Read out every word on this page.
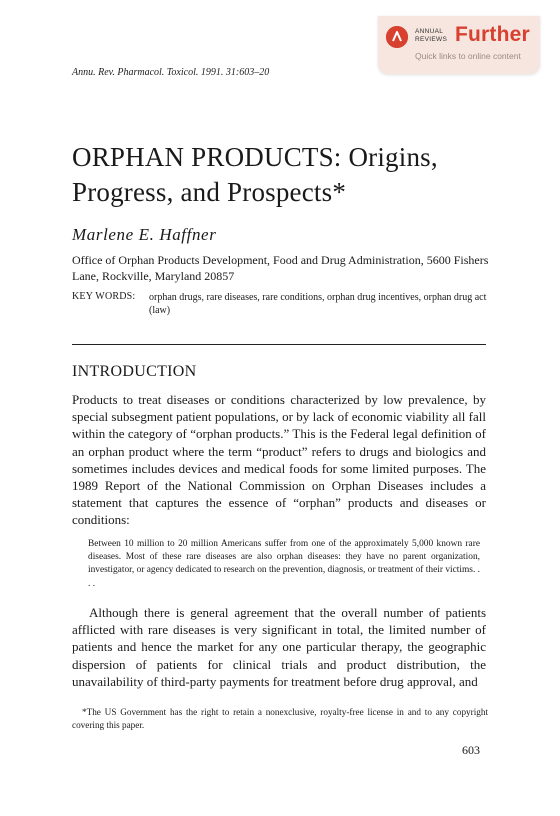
ANNUAL
REVIEWS Further
Quick links to online content
Annu. Rev. Pharmacol. Toxicol. 1991. 31:603–20
ORPHAN PRODUCTS: Origins,
Progress, and Prospects*
Marlene E. Haffner
Office of Orphan Products Development, Food and Drug Administration, 5600 Fishers Lane, Rockville, Maryland 20857
KEY WORDS: orphan drugs, rare diseases, rare conditions, orphan drug incentives, orphan drug act (law)
INTRODUCTION
Products to treat diseases or conditions characterized by low prevalence, by special subsegment patient populations, or by lack of economic viability all fall within the category of “orphan products.” This is the Federal legal definition of an orphan product where the term “product” refers to drugs and biologics and sometimes includes devices and medical foods for some limited purposes. The 1989 Report of the National Commission on Orphan Diseases includes a statement that captures the essence of “orphan” products and diseases or conditions:
Between 10 million to 20 million Americans suffer from one of the approximately 5,000 known rare diseases. Most of these rare diseases are also orphan diseases: they have no parent organization, investigator, or agency dedicated to research on the prevention, diagnosis, or treatment of their victims. . . .
Although there is general agreement that the overall number of patients afflicted with rare diseases is very significant in total, the limited number of patients and hence the market for any one particular therapy, the geographic dispersion of patients for clinical trials and product distribution, the unavailability of third-party payments for treatment before drug approval, and
*The US Government has the right to retain a nonexclusive, royalty-free license in and to any copyright covering this paper.
603
